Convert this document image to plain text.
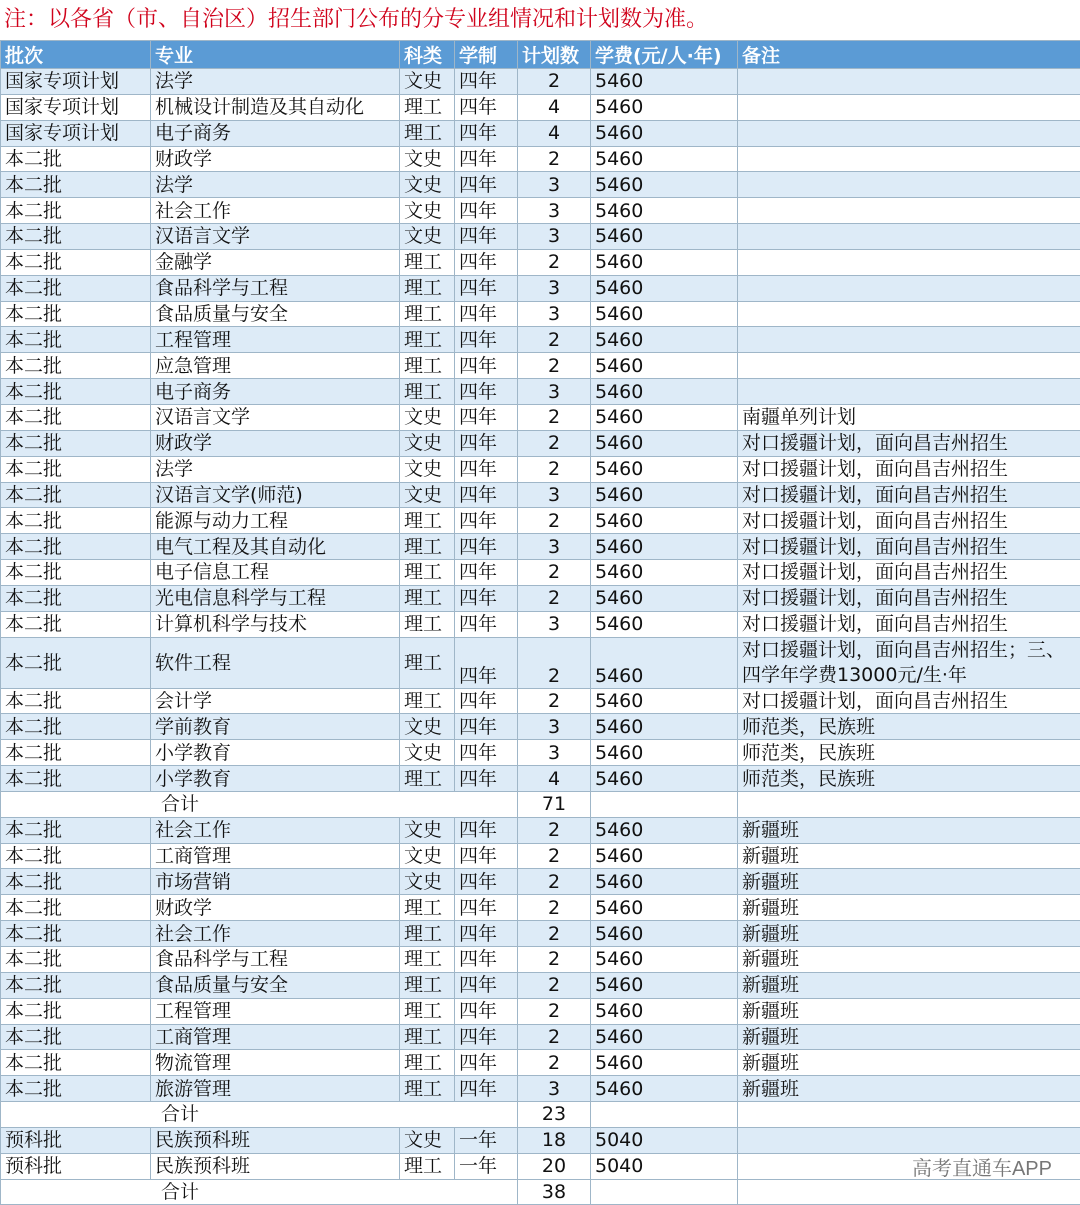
注：以各省（市、自治区）招生部门公布的分专业组情况和计划数为准。
批次	专业	科类	学制	计划数	学费(元/人·年)	备注
国家专项计划	法学	文史	四年	2	5460	
国家专项计划	机械设计制造及其自动化	理工	四年	4	5460	
国家专项计划	电子商务	理工	四年	4	5460	
本二批	财政学	文史	四年	2	5460	
本二批	法学	文史	四年	3	5460	
本二批	社会工作	文史	四年	3	5460	
本二批	汉语言文学	文史	四年	3	5460	
本二批	金融学	理工	四年	2	5460	
本二批	食品科学与工程	理工	四年	3	5460	
本二批	食品质量与安全	理工	四年	3	5460	
本二批	工程管理	理工	四年	2	5460	
本二批	应急管理	理工	四年	2	5460	
本二批	电子商务	理工	四年	3	5460	
本二批	汉语言文学	文史	四年	2	5460	南疆单列计划
本二批	财政学	文史	四年	2	5460	对口援疆计划，面向昌吉州招生
本二批	法学	文史	四年	2	5460	对口援疆计划，面向昌吉州招生
本二批	汉语言文学(师范)	文史	四年	3	5460	对口援疆计划，面向昌吉州招生
本二批	能源与动力工程	理工	四年	2	5460	对口援疆计划，面向昌吉州招生
本二批	电气工程及其自动化	理工	四年	3	5460	对口援疆计划，面向昌吉州招生
本二批	电子信息工程	理工	四年	2	5460	对口援疆计划，面向昌吉州招生
本二批	光电信息科学与工程	理工	四年	2	5460	对口援疆计划，面向昌吉州招生
本二批	计算机科学与技术	理工	四年	3	5460	对口援疆计划，面向昌吉州招生
本二批	软件工程	理工	四年	2	5460	对口援疆计划，面向昌吉州招生；三、四学年学费13000元/生·年
本二批	会计学	理工	四年	2	5460	对口援疆计划，面向昌吉州招生
本二批	学前教育	文史	四年	3	5460	师范类，民族班
本二批	小学教育	文史	四年	3	5460	师范类，民族班
本二批	小学教育	理工	四年	4	5460	师范类，民族班
合计				71		
本二批	社会工作	文史	四年	2	5460	新疆班
本二批	工商管理	文史	四年	2	5460	新疆班
本二批	市场营销	文史	四年	2	5460	新疆班
本二批	财政学	理工	四年	2	5460	新疆班
本二批	社会工作	理工	四年	2	5460	新疆班
本二批	食品科学与工程	理工	四年	2	5460	新疆班
本二批	食品质量与安全	理工	四年	2	5460	新疆班
本二批	工程管理	理工	四年	2	5460	新疆班
本二批	工商管理	理工	四年	2	5460	新疆班
本二批	物流管理	理工	四年	2	5460	新疆班
本二批	旅游管理	理工	四年	3	5460	新疆班
合计				23		
预科批	民族预科班	文史	一年	18	5040	
预科批	民族预科班	理工	一年	20	5040	
合计				38		
高考直通车APP
